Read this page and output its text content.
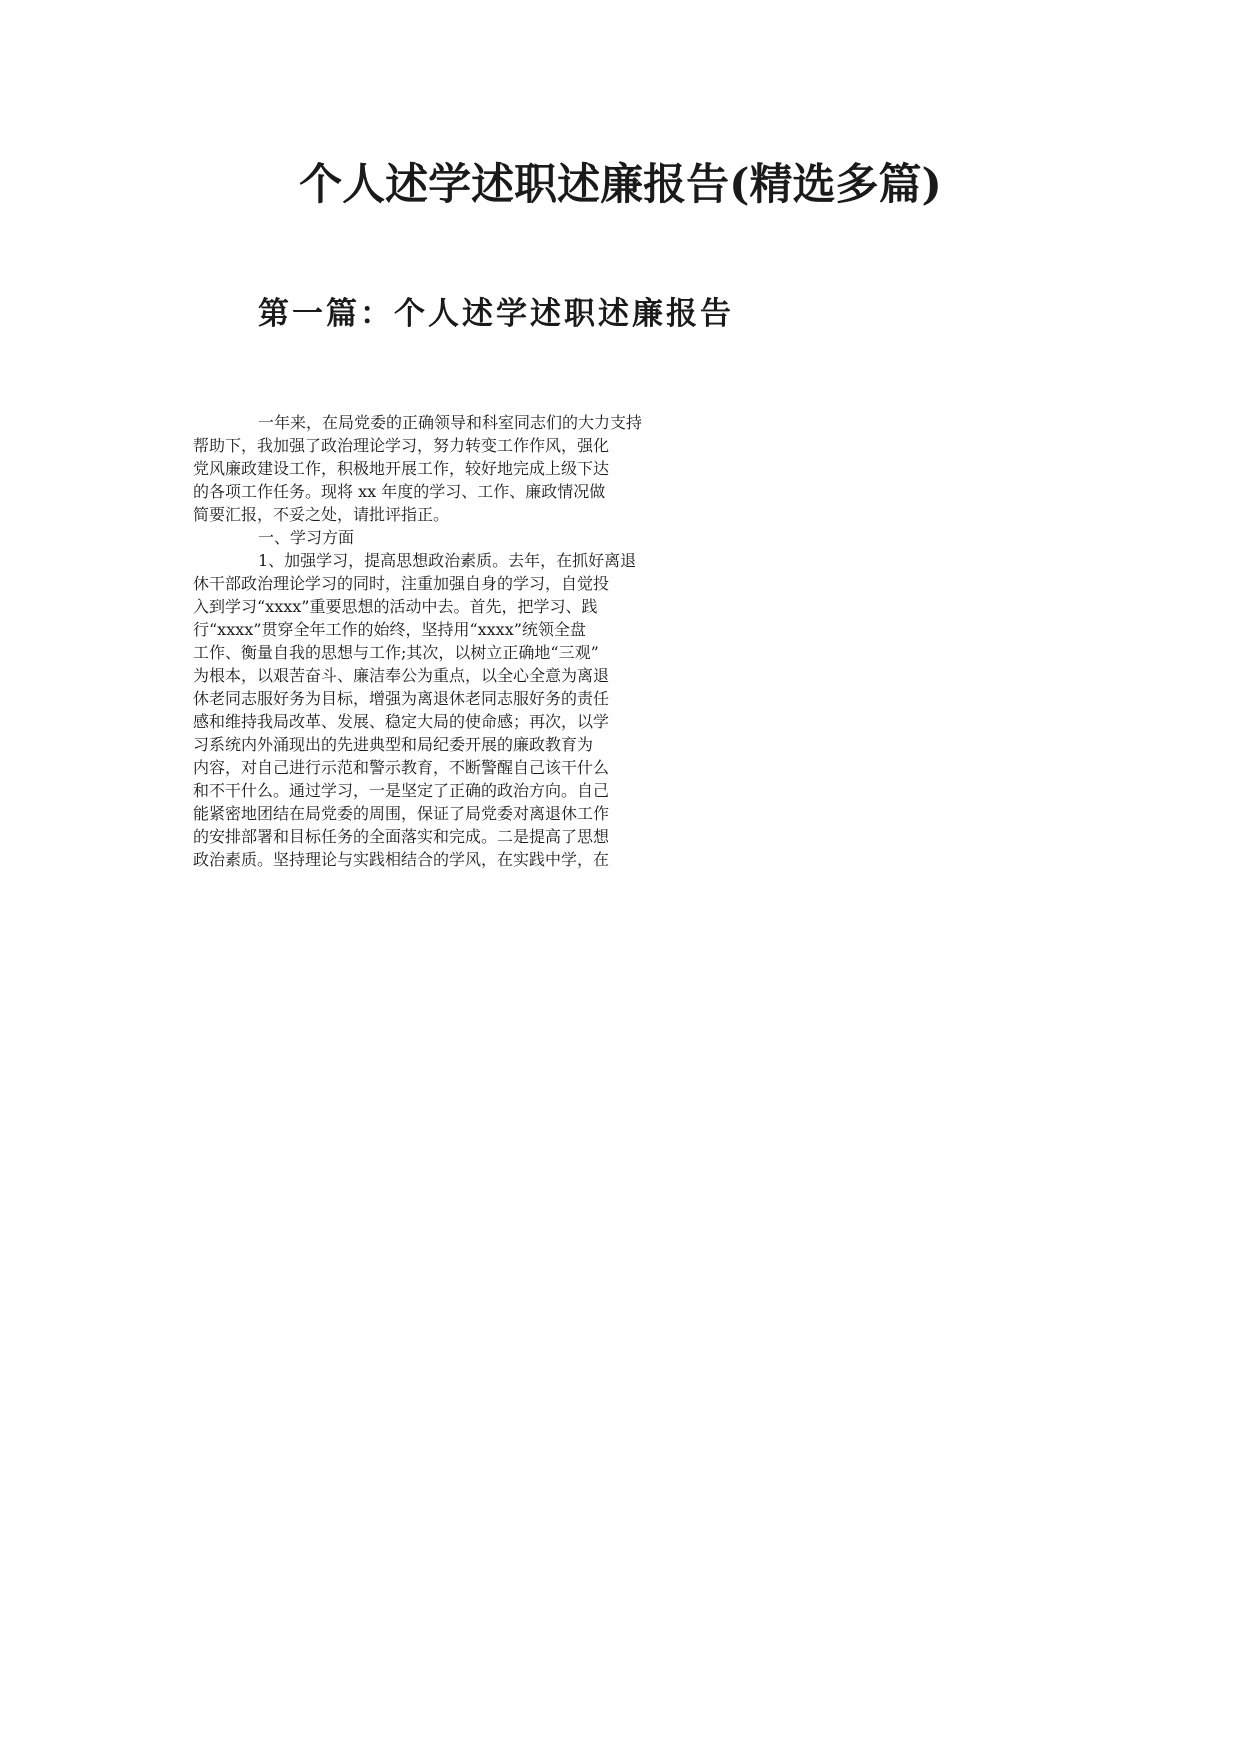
个人述学述职述廉报告(精选多篇)
第一篇：个人述学述职述廉报告
一年来，在局党委的正确领导和科室同志们的大力支持
帮助下，我加强了政治理论学习，努力转变工作作风，强化
党风廉政建设工作，积极地开展工作，较好地完成上级下达
的各项工作任务。现将 xx 年度的学习、工作、廉政情况做
简要汇报，不妥之处，请批评指正。
一、学习方面
1、加强学习，提高思想政治素质。去年，在抓好离退
休干部政治理论学习的同时，注重加强自身的学习，自觉投
入到学习“xxxx”重要思想的活动中去。首先，把学习、践
行“xxxx”贯穿全年工作的始终，坚持用“xxxx”统领全盘
工作、衡量自我的思想与工作;其次，以树立正确地“三观”
为根本，以艰苦奋斗、廉洁奉公为重点，以全心全意为离退
休老同志服好务为目标，增强为离退休老同志服好务的责任
感和维持我局改革、发展、稳定大局的使命感；再次，以学
习系统内外涌现出的先进典型和局纪委开展的廉政教育为
内容，对自己进行示范和警示教育，不断警醒自己该干什么
和不干什么。通过学习，一是坚定了正确的政治方向。自己
能紧密地团结在局党委的周围，保证了局党委对离退休工作
的安排部署和目标任务的全面落实和完成。二是提高了思想
政治素质。坚持理论与实践相结合的学风，在实践中学，在
